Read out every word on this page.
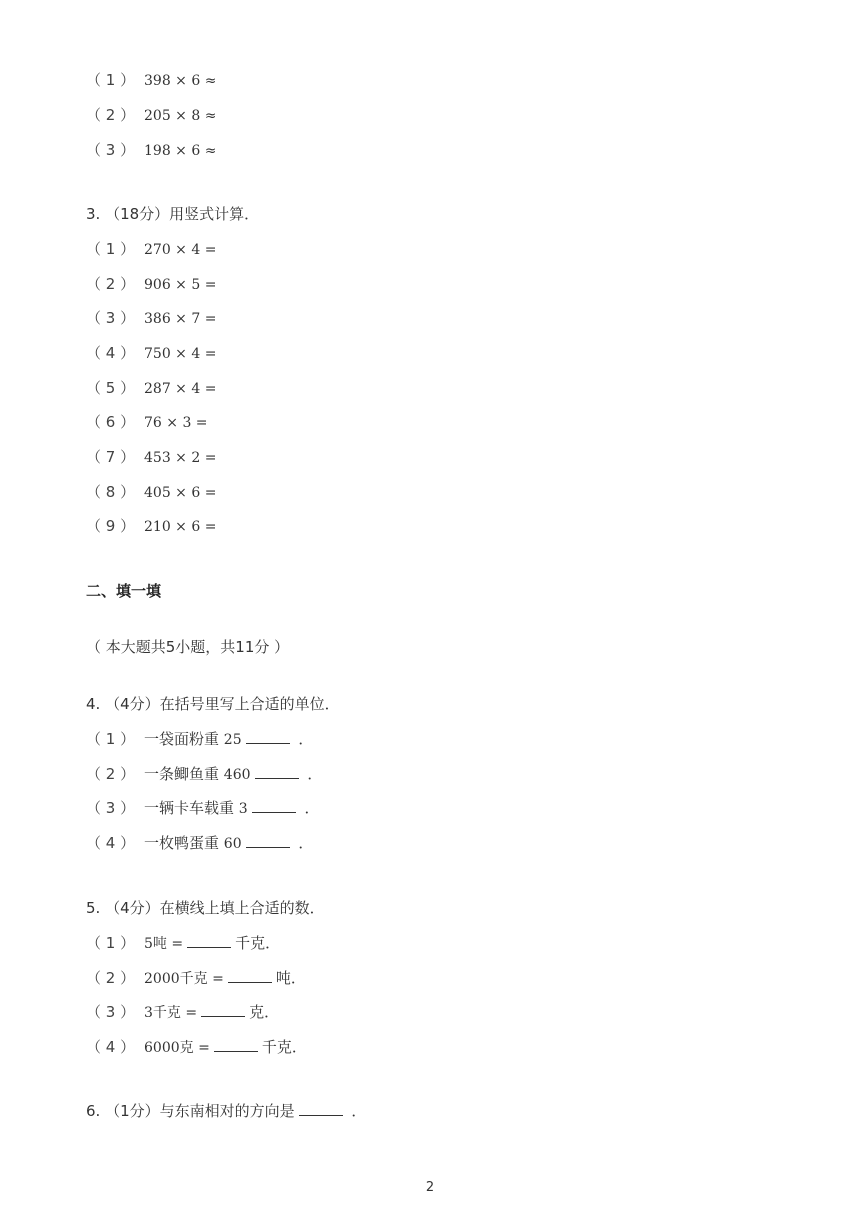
（ 1 ） 398 × 6 ≈
（ 2 ） 205 × 8 ≈
（ 3 ） 198 × 6 ≈
3. （18分）用竖式计算．
（ 1 ） 270 × 4 =
（ 2 ） 906 × 5 =
（ 3 ） 386 × 7 =
（ 4 ） 750 × 4 =
（ 5 ） 287 × 4 =
（ 6 ） 76 × 3 =
（ 7 ） 453 × 2 =
（ 8 ） 405 × 6 =
（ 9 ） 210 × 6 =
二、填一填
（ 本大题共5小题，共11分 ）
4. （4分）在括号里写上合适的单位．
（ 1 ） 一袋面粉重 25	．
（ 2 ） 一条鲫鱼重 460	．
（ 3 ） 一辆卡车载重 3	．
（ 4 ） 一枚鸭蛋重 60	．
5. （4分）在横线上填上合适的数．
（ 1 ） 5吨 =	千克．
（ 2 ） 2000千克 =	吨．
（ 3 ） 3千克 =	克．
（ 4 ） 6000克 =	千克．
6. （1分）与东南相对的方向是	．
2
